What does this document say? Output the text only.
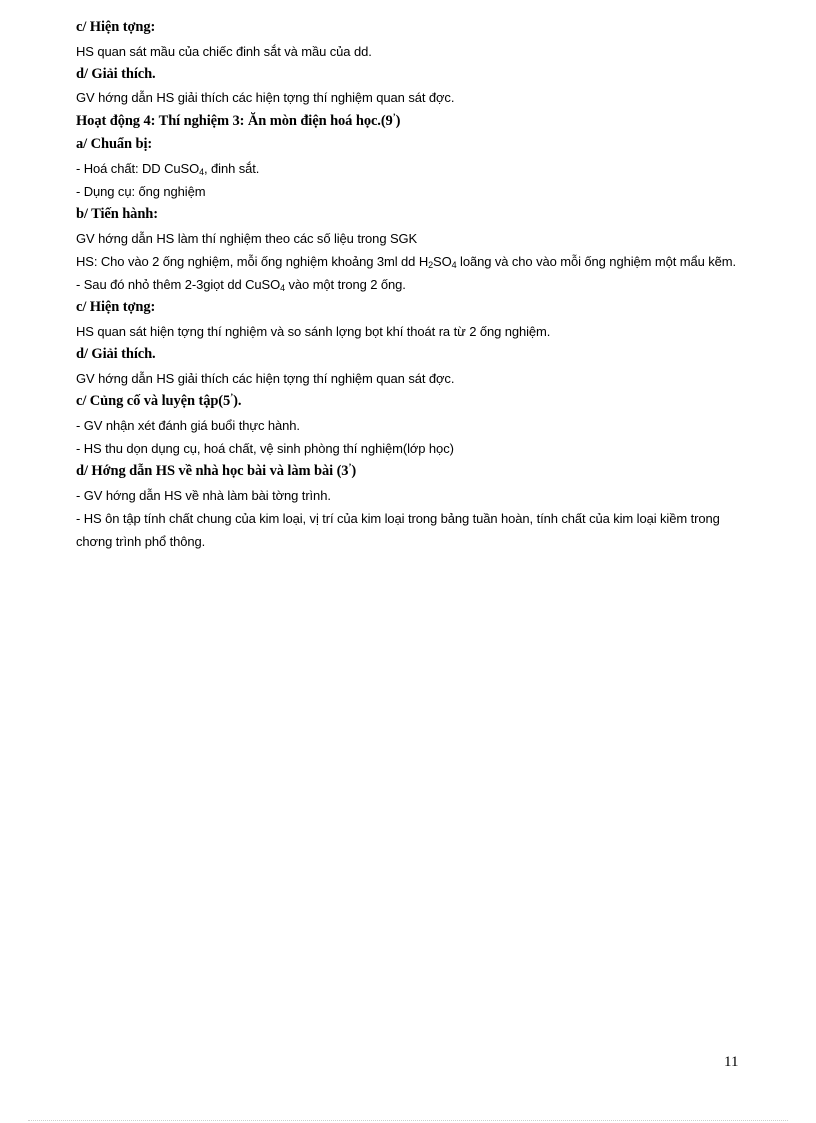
c/ Hiện tợng:
HS quan sát mầu của chiếc đinh sắt và mầu của dd.
d/ Giải thích.
GV hớng dẫn HS giải thích các hiện tợng thí nghiệm quan sát đợc.
Hoạt động 4: Thí nghiệm 3: Ăn mòn điện hoá học.(9’)
a/ Chuẩn bị:
- Hoá chất: DD CuSO$_4$, đinh sắt.
- Dụng cụ: ống nghiệm
b/ Tiến hành:
GV hớng dẫn HS làm thí nghiệm theo các số liệu trong SGK
HS: Cho vào 2 ống nghiệm, mỗi ống nghiệm khoảng 3ml dd $H_2SO_4$ loãng và cho vào mỗi ống nghiệm một mẩu kẽm.
- Sau đó nhỏ thêm 2-3giọt dd CuSO$_4$ vào một trong 2 ống.
c/ Hiện tợng:
HS quan sát hiện tợng thí nghiệm và so sánh lợng bọt khí thoát ra từ 2 ống nghiệm.
d/ Giải thích.
GV hớng dẫn HS giải thích các hiện tợng thí nghiệm quan sát đợc.
c/ Củng cố và luyện tập(5’).
- GV nhận xét đánh giá buổi thực hành.
- HS thu dọn dụng cụ, hoá chất, vệ sinh phòng thí nghiệm(lớp học)
d/ Hớng dẫn HS về nhà học bài và làm bài (3’)
- GV hớng dẫn HS về nhà làm bài tờng trình.
- HS ôn tập tính chất chung của kim loại, vị trí của kim loại trong bảng tuần hoàn, tính chất của kim loại kiềm trong chơng trình phổ thông.
11
